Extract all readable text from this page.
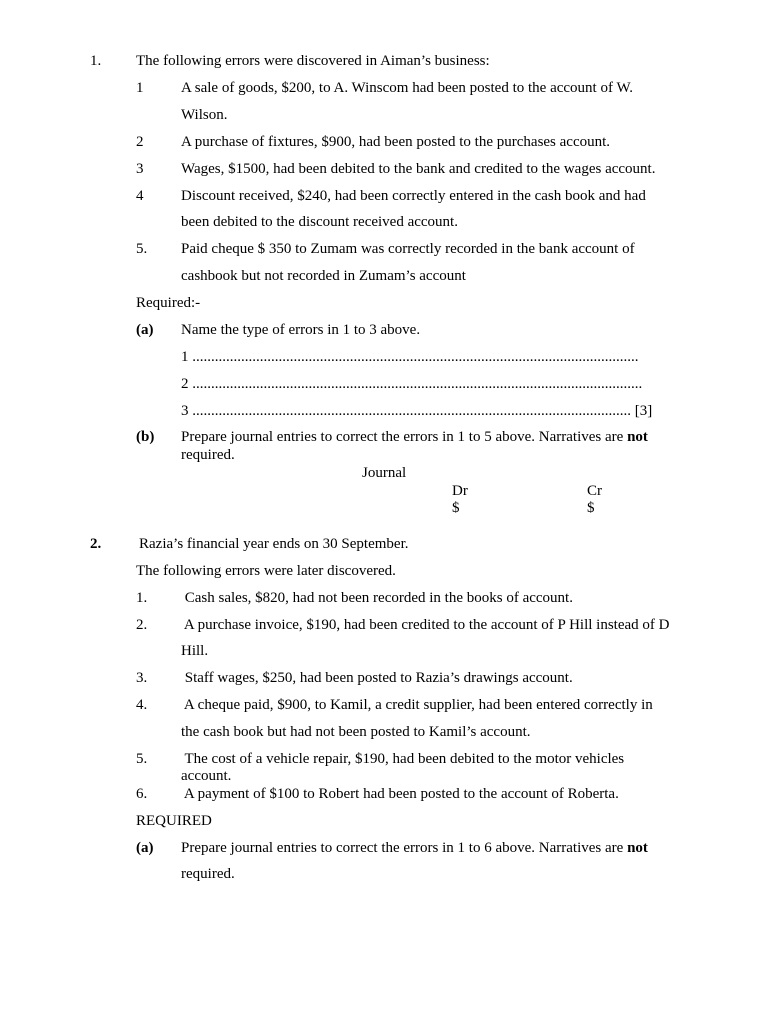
1. The following errors were discovered in Aiman’s business:
1	A sale of goods, $200, to A. Winscom had been posted to the account of W.
Wilson.
2	A purchase of fixtures, $900, had been posted to the purchases account.
3	Wages, $1500, had been debited to the bank and credited to the wages account.
4	Discount received, $240, had been correctly entered in the cash book and had
been debited to the discount received account.
5. Paid cheque $ 350 to Zumam was correctly recorded in the bank account of
cashbook but not recorded in Zumam’s account
Required:-
(a) Name the type of errors in 1 to 3 above.
1 .......................................................................................................................
2 ........................................................................................................................
3 ..................................................................................................................... [3]
(b) Prepare journal entries to correct the errors in 1 to 5 above. Narratives are not
required.
Journal
Dr	Cr
$	$
2.	Razia’s financial year ends on 30 September.
The following errors were later discovered.
1. Cash sales, $820, had not been recorded in the books of account.
2. A purchase invoice, $190, had been credited to the account of P Hill instead of D
Hill.
3. Staff wages, $250, had been posted to Razia’s drawings account.
4. A cheque paid, $900, to Kamil, a credit supplier, had been entered correctly in
the cash book but had not been posted to Kamil’s account.
5. The cost of a vehicle repair, $190, had been debited to the motor vehicles
account.
6. A payment of $100 to Robert had been posted to the account of Roberta.
REQUIRED
(a) Prepare journal entries to correct the errors in 1 to 6 above. Narratives are not
required.
